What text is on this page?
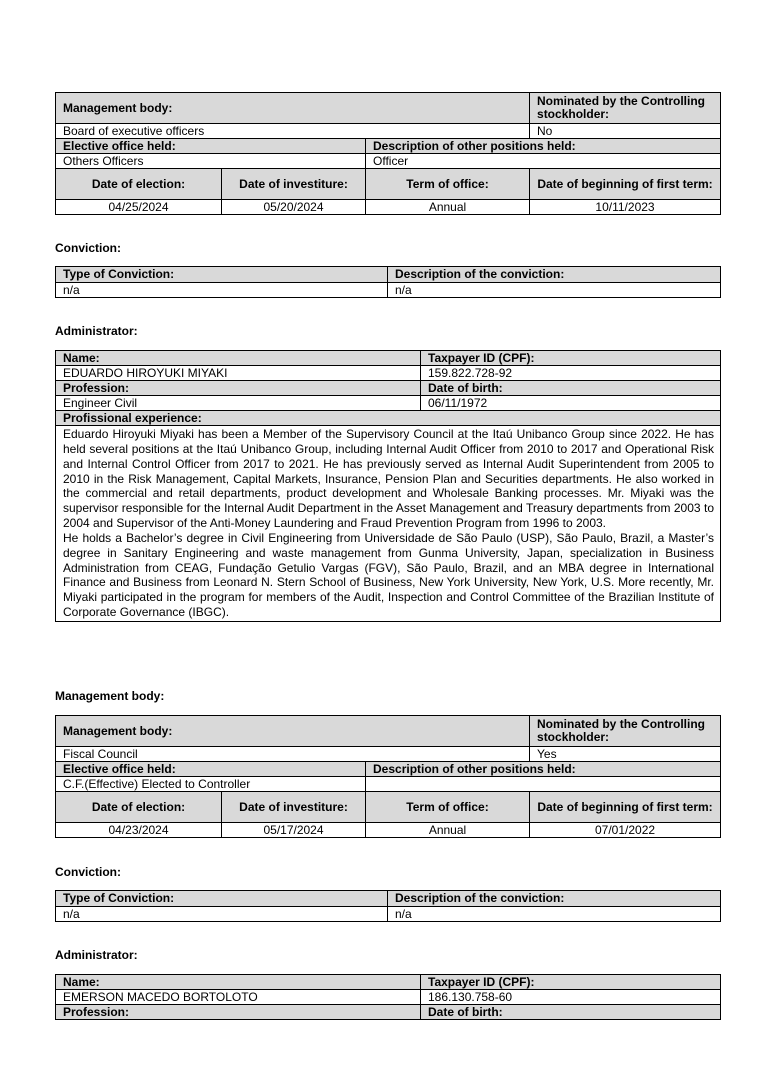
Management body:			Nominated by the Controlling stockholder:
Board of executive officers			No
Elective office held:		Description of other positions held:	
Others Officers		Officer	
Date of election:	Date of investiture:	Term of office:	Date of beginning of first term:
04/25/2024	05/20/2024	Annual	10/11/2023
Conviction:
Type of Conviction:	Description of the conviction:
n/a	n/a
Administrator:
Name:	Taxpayer ID (CPF):
EDUARDO HIROYUKI MIYAKI	159.822.728-92
Profession:	Date of birth:
Engineer Civil	06/11/1972
Profissional experience:	

Eduardo Hiroyuki Miyaki has been a Member of the Supervisory Council at the Itaú Unibanco Group since 2022. He has held several positions at the Itaú Unibanco Group, including Internal Audit Officer from 2010 to 2017 and Operational Risk and Internal Control Officer from 2017 to 2021. He has previously served as Internal Audit Superintendent from 2005 to 2010 in the Risk Management, Capital Markets, Insurance, Pension Plan and Securities departments. He also worked in the commercial and retail departments, product development and Wholesale Banking processes. Mr. Miyaki was the supervisor responsible for the Internal Audit Department in the Asset Management and Treasury departments from 2003 to 2004 and Supervisor of the Anti-Money Laundering and Fraud Prevention Program from 1996 to 2003.
He holds a Bachelor’s degree in Civil Engineering from Universidade de São Paulo (USP), São Paulo, Brazil, a Master’s degree in Sanitary Engineering and waste management from Gunma University, Japan, specialization in Business Administration from CEAG, Fundação Getulio Vargas (FGV), São Paulo, Brazil, and an MBA degree in International Finance and Business from Leonard N. Stern School of Business, New York University, New York, U.S. More recently, Mr. Miyaki participated in the program for members of the Audit, Inspection and Control Committee of the Brazilian Institute of Corporate Governance (IBGC).	
Management body:
Management body:			Nominated by the Controlling stockholder:
Fiscal Council			Yes
Elective office held:		Description of other positions held:	
C.F.(Effective) Elected to Controller			
Date of election:	Date of investiture:	Term of office:	Date of beginning of first term:
04/23/2024	05/17/2024	Annual	07/01/2022
Conviction:
Type of Conviction:	Description of the conviction:
n/a	n/a
Administrator:
Name:	Taxpayer ID (CPF):
EMERSON MACEDO BORTOLOTO	186.130.758-60
Profession:	Date of birth:
